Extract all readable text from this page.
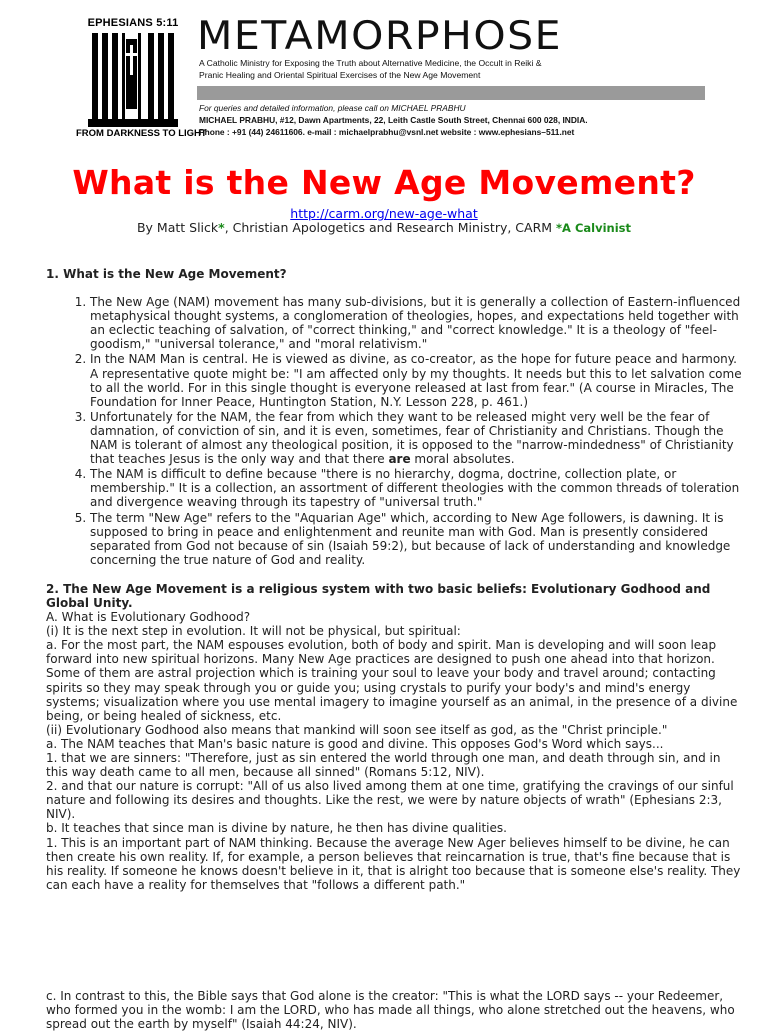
EPHESIANS 5:11
FROM DARKNESS TO LIGHT
METAMORPHOSE
A Catholic Ministry for Exposing the Truth about Alternative Medicine, the Occult in Reiki &
Pranic Healing and Oriental Spiritual Exercises of the New Age Movement
For queries and detailed information, please call on MICHAEL PRABHU
MICHAEL PRABHU, #12, Dawn Apartments, 22, Leith Castle South Street, Chennai 600 028, INDIA.
Phone : +91 (44) 24611606. e-mail : michaelprabhu@vsnl.net website : www.ephesians–511.net
What is the New Age Movement?
http://carm.org/new-age-what
By Matt Slick*, Christian Apologetics and Research Ministry, CARM *A Calvinist

1. What is the New Age Movement?

1. The New Age (NAM) movement has many sub-divisions, but it is generally a collection of Eastern-influenced metaphysical thought systems, a conglomeration of theologies, hopes, and expectations held together with an eclectic teaching of salvation, of "correct thinking," and "correct knowledge." It is a theology of "feel-goodism," "universal tolerance," and "moral relativism."
2. In the NAM Man is central. He is viewed as divine, as co-creator, as the hope for future peace and harmony. A representative quote might be: "I am affected only by my thoughts. It needs but this to let salvation come to all the world. For in this single thought is everyone released at last from fear." (A course in Miracles, The Foundation for Inner Peace, Huntington Station, N.Y. Lesson 228, p. 461.)
3. Unfortunately for the NAM, the fear from which they want to be released might very well be the fear of damnation, of conviction of sin, and it is even, sometimes, fear of Christianity and Christians. Though the NAM is tolerant of almost any theological position, it is opposed to the "narrow-mindedness" of Christianity that teaches Jesus is the only way and that there are moral absolutes.
4. The NAM is difficult to define because "there is no hierarchy, dogma, doctrine, collection plate, or membership." It is a collection, an assortment of different theologies with the common threads of toleration and divergence weaving through its tapestry of "universal truth."
5. The term "New Age" refers to the "Aquarian Age" which, according to New Age followers, is dawning. It is supposed to bring in peace and enlightenment and reunite man with God. Man is presently considered separated from God not because of sin (Isaiah 59:2), but because of lack of understanding and knowledge concerning the true nature of God and reality.

2. The New Age Movement is a religious system with two basic beliefs: Evolutionary Godhood and Global Unity.

A. What is Evolutionary Godhood?

(i) It is the next step in evolution. It will not be physical, but spiritual:

a. For the most part, the NAM espouses evolution, both of body and spirit. Man is developing and will soon leap forward into new spiritual horizons. Many New Age practices are designed to push one ahead into that horizon. Some of them are astral projection which is training your soul to leave your body and travel around; contacting spirits so they may speak through you or guide you; using crystals to purify your body's and mind's energy systems; visualization where you use mental imagery to imagine yourself as an animal, in the presence of a divine being, or being healed of sickness, etc.

(ii) Evolutionary Godhood also means that mankind will soon see itself as god, as the "Christ principle."

a. The NAM teaches that Man's basic nature is good and divine. This opposes God's Word which says...

1. that we are sinners: "Therefore, just as sin entered the world through one man, and death through sin, and in this way death came to all men, because all sinned" (Romans 5:12, NIV).

2. and that our nature is corrupt: "All of us also lived among them at one time, gratifying the cravings of our sinful nature and following its desires and thoughts. Like the rest, we were by nature objects of wrath" (Ephesians 2:3, NIV).

b. It teaches that since man is divine by nature, he then has divine qualities.

1. This is an important part of NAM thinking. Because the average New Ager believes himself to be divine, he can then create his own reality. If, for example, a person believes that reincarnation is true, that's fine because that is his reality. If someone he knows doesn't believe in it, that is alright too because that is someone else's reality. They can each have a reality for themselves that "follows a different path."

c. In contrast to this, the Bible says that God alone is the creator: "This is what the LORD says -- your Redeemer, who formed you in the womb: I am the LORD, who has made all things, who alone stretched out the heavens, who spread out the earth by myself" (Isaiah 44:24, NIV).
